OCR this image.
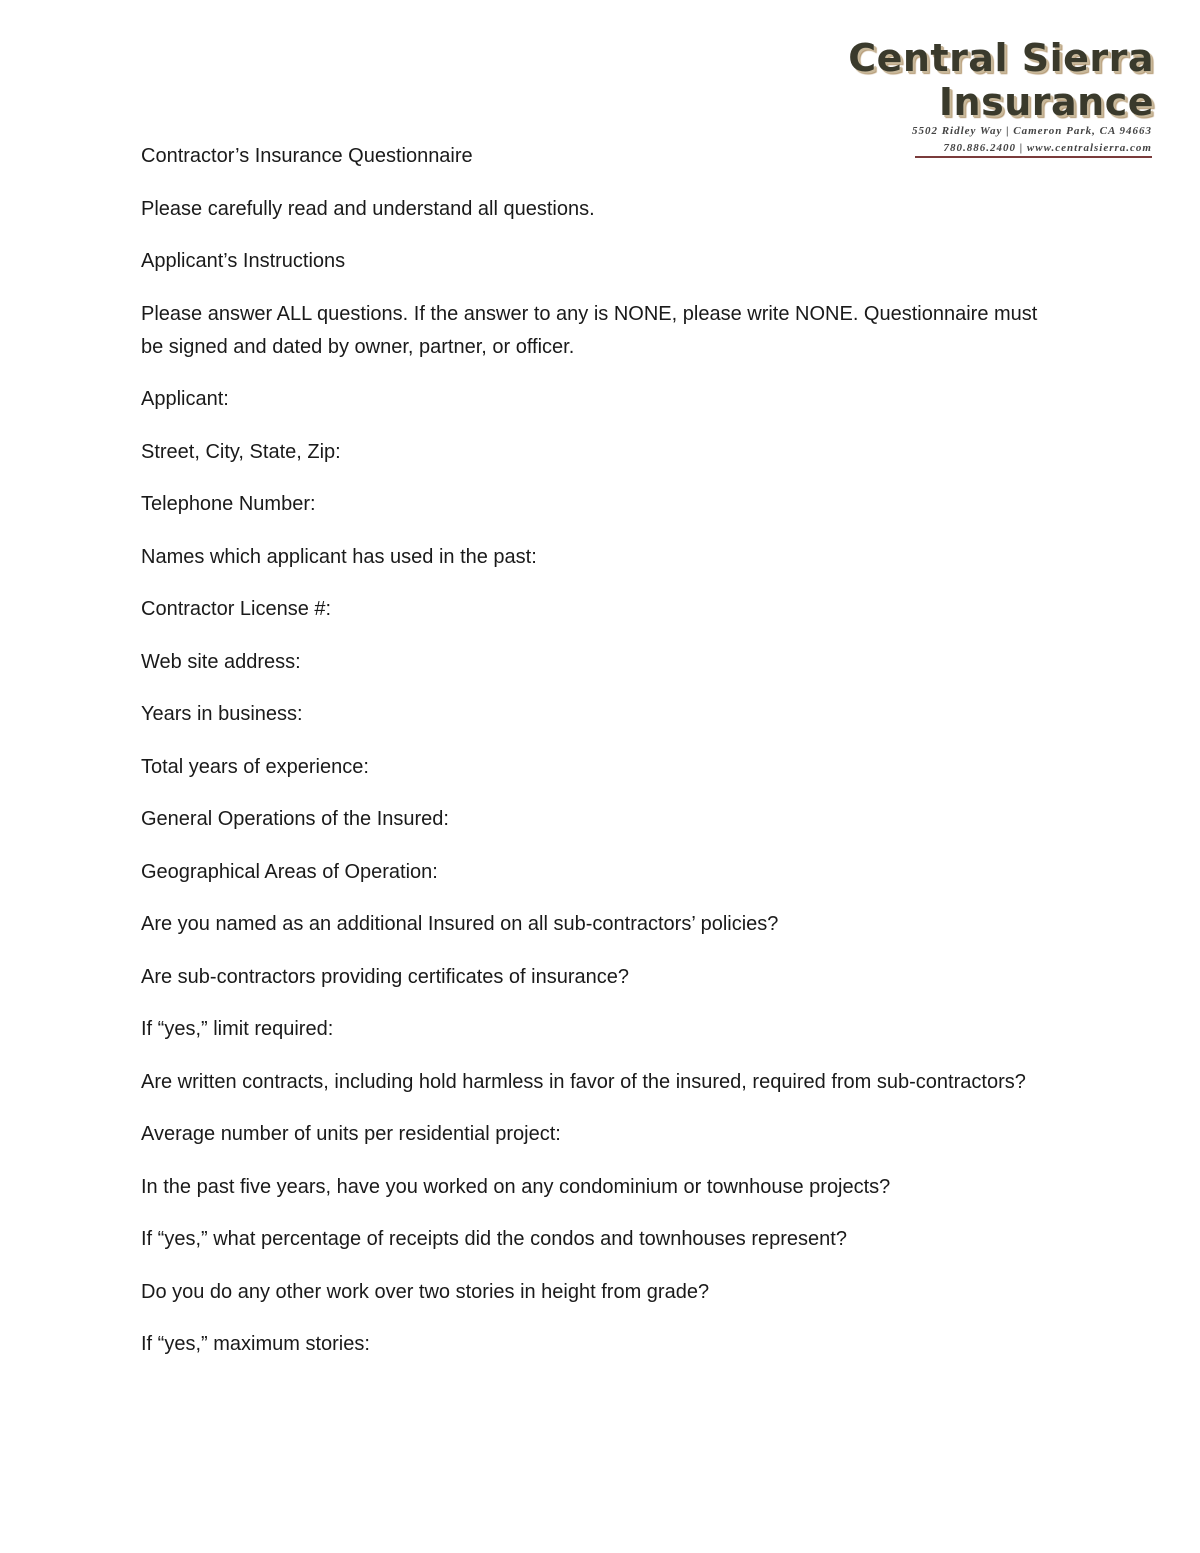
Central Sierra Insurance
5502 Ridley Way | Cameron Park, CA 94663
780.886.2400 | www.centralsierra.com

Contractor’s Insurance Questionnaire

Please carefully read and understand all questions.

Applicant’s Instructions

Please answer ALL questions. If the answer to any is NONE, please write NONE. Questionnaire must be signed and dated by owner, partner, or officer.

Applicant:

Street, City, State, Zip:

Telephone Number:

Names which applicant has used in the past:

Contractor License #:

Web site address:

Years in business:

Total years of experience:

General Operations of the Insured:

Geographical Areas of Operation:

Are you named as an additional Insured on all sub-contractors’ policies?

Are sub-contractors providing certificates of insurance?

If “yes,” limit required:

Are written contracts, including hold harmless in favor of the insured, required from sub-contractors?

Average number of units per residential project:

In the past five years, have you worked on any condominium or townhouse projects?

If “yes,” what percentage of receipts did the condos and townhouses represent?

Do you do any other work over two stories in height from grade?

If “yes,” maximum stories:
